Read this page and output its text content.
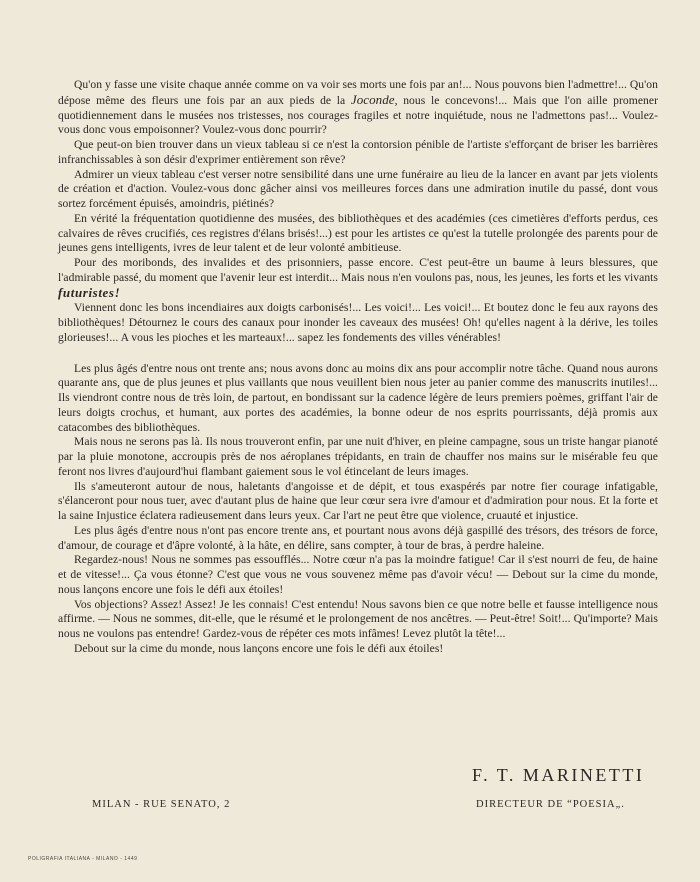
Qu'on y fasse une visite chaque année comme on va voir ses morts une fois par an!... Nous pouvons bien l'admettre!... Qu'on dépose même des fleurs une fois par an aux pieds de la Joconde, nous le concevons!... Mais que l'on aille promener quotidiennement dans le musées nos tristesses, nos courages fragiles et notre inquiétude, nous ne l'admettons pas!... Voulez-vous donc vous empoisonner? Voulez-vous donc pourrir?

Que peut-on bien trouver dans un vieux tableau si ce n'est la contorsion pénible de l'artiste s'efforçant de briser les barrières infranchissables à son désir d'exprimer entièrement son rêve?

Admirer un vieux tableau c'est verser notre sensibilité dans une urne funéraire au lieu de la lancer en avant par jets violents de création et d'action. Voulez-vous donc gâcher ainsi vos meilleures forces dans une admiration inutile du passé, dont vous sortez forcément épuisés, amoindris, piétinés?

En vérité la fréquentation quotidienne des musées, des bibliothèques et des académies (ces cimetières d'efforts perdus, ces calvaires de rêves crucifiés, ces registres d'élans brisés!...) est pour les artistes ce qu'est la tutelle prolongée des parents pour de jeunes gens intelligents, ivres de leur talent et de leur volonté ambitieuse.

Pour des moribonds, des invalides et des prisonniers, passe encore. C'est peut-être un baume à leurs blessures, que l'admirable passé, du moment que l'avenir leur est interdit... Mais nous n'en voulons pas, nous, les jeunes, les forts et les vivants futuristes!

Viennent donc les bons incendiaires aux doigts carbonisés!... Les voici!... Les voici!... Et boutez donc le feu aux rayons des bibliothèques! Détournez le cours des canaux pour inonder les caveaux des musées! Oh! qu'elles nagent à la dérive, les toiles glorieuses!... A vous les pioches et les marteaux!... sapez les fondements des villes vénérables!

Les plus âgés d'entre nous ont trente ans; nous avons donc au moins dix ans pour accomplir notre tâche. Quand nous aurons quarante ans, que de plus jeunes et plus vaillants que nous veuillent bien nous jeter au panier comme des manuscrits inutiles!... Ils viendront contre nous de très loin, de partout, en bondissant sur la cadence légère de leurs premiers poèmes, griffant l'air de leurs doigts crochus, et humant, aux portes des académies, la bonne odeur de nos esprits pourrissants, déjà promis aux catacombes des bibliothèques.

Mais nous ne serons pas là. Ils nous trouveront enfin, par une nuit d'hiver, en pleine campagne, sous un triste hangar pianoté par la pluie monotone, accroupis près de nos aéroplanes trépidants, en train de chauffer nos mains sur le misérable feu que feront nos livres d'aujourd'hui flambant gaiement sous le vol étincelant de leurs images.

Ils s'ameuteront autour de nous, haletants d'angoisse et de dépit, et tous exaspérés par notre fier courage infatigable, s'élanceront pour nous tuer, avec d'autant plus de haine que leur cœur sera ivre d'amour et d'admiration pour nous. Et la forte et la saine Injustice éclatera radieusement dans leurs yeux. Car l'art ne peut être que violence, cruauté et injustice.

Les plus âgés d'entre nous n'ont pas encore trente ans, et pourtant nous avons déjà gaspillé des trésors, des trésors de force, d'amour, de courage et d'âpre volonté, à la hâte, en délire, sans compter, à tour de bras, à perdre haleine.

Regardez-nous! Nous ne sommes pas essoufflés... Notre cœur n'a pas la moindre fatigue! Car il s'est nourri de feu, de haine et de vitesse!... Ça vous étonne? C'est que vous ne vous souvenez même pas d'avoir vécu! — Debout sur la cime du monde, nous lançons encore une fois le défi aux étoiles!

Vos objections? Assez! Assez! Je les connais! C'est entendu! Nous savons bien ce que notre belle et fausse intelligence nous affirme. — Nous ne sommes, dit-elle, que le résumé et le prolongement de nos ancêtres. — Peut-être! Soit!... Qu'importe? Mais nous ne voulons pas entendre! Gardez-vous de répéter ces mots infâmes! Levez plutôt la tête!...

Debout sur la cime du monde, nous lançons encore une fois le défi aux étoiles!

F. T. MARINETTI
MILAN - RUE SENATO, 2	DIRECTEUR DE “POESIA„.
POLIGRAFIA ITALIANA - MILANO - 1449
